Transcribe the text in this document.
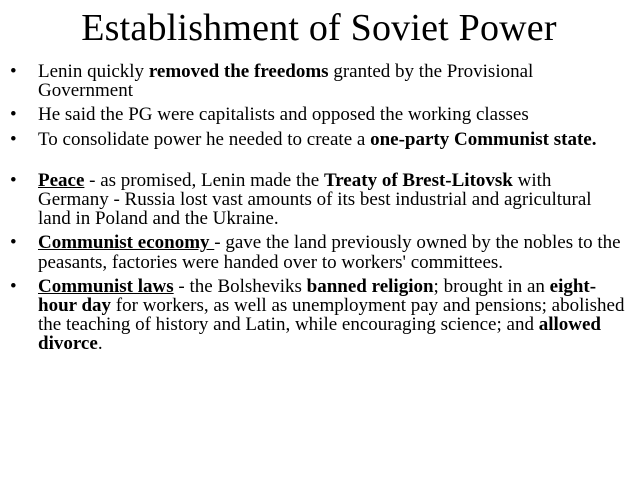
Establishment of Soviet Power
• Lenin quickly removed the freedoms granted by the Provisional Government
• He said the PG were capitalists and opposed the working classes
• To consolidate power he needed to create a one-party Communist state.
• Peace - as promised, Lenin made the Treaty of Brest-Litovsk with Germany - Russia lost vast amounts of its best industrial and agricultural land in Poland and the Ukraine.
• Communist economy - gave the land previously owned by the nobles to the peasants, factories were handed over to workers' committees.
• Communist laws - the Bolsheviks banned religion; brought in an eight-hour day for workers, as well as unemployment pay and pensions; abolished the teaching of history and Latin, while encouraging science; and allowed divorce.
